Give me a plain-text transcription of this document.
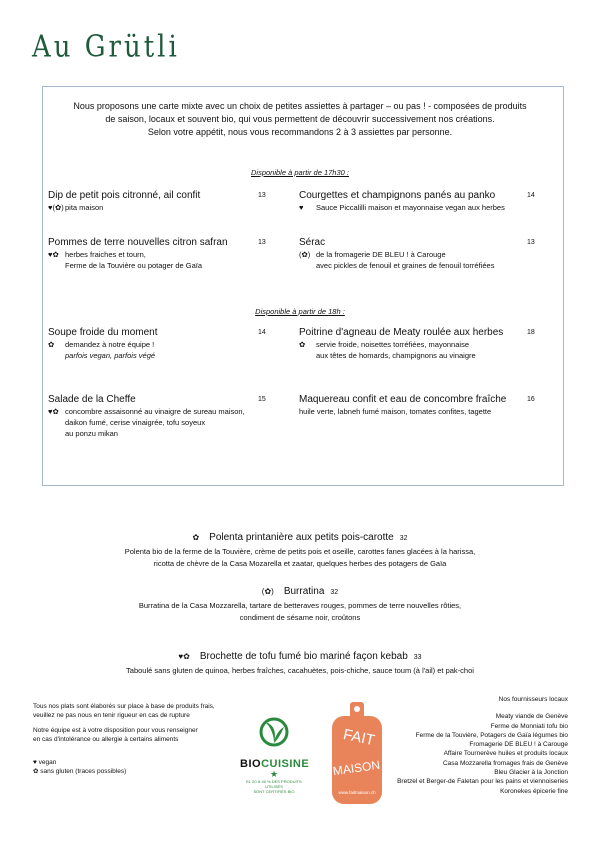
Au Grütli
Nous proposons une carte mixte avec un choix de petites assiettes à partager – ou pas ! - composées de produits
de saison, locaux et souvent bio, qui vous permettent de découvrir successivement nos créations.
Selon votre appétit, nous vous recommandons 2 à 3 assiettes par personne.
Disponible à partir de 17h30 :
Disponible à partir de 18h :
Dip de petit pois citronné, ail confit	13
♥(✿) pita maison
Courgettes et champignons panés au panko	14
♥ Sauce Piccalilli maison et mayonnaise vegan aux herbes
Pommes de terre nouvelles citron safran	13
♥✿ herbes fraiches et tourn,
Ferme de la Touvière ou potager de Gaïa
Sérac	13
(✿) de la fromagerie DE BLEU ! à Carouge
avec pickles de fenouil et graines de fenouil torréfiées
Soupe froide du moment	14
✿ demandez à notre équipe !
parfois vegan, parfois végé
Poitrine d'agneau de Meaty roulée aux herbes	18
✿ servie froide, noisettes torréfiées, mayonnaise
aux têtes de homards, champignons au vinaigre
Salade de la Cheffe	15
♥✿ concombre assaisonné au vinaigre de sureau maison,
daikon fumé, cerise vinaigrée, tofu soyeux
au ponzu mikan
Maquereau confit et eau de concombre fraîche	16
huile verte, labneh fumé maison, tomates confites, tagette
✿ Polenta printanière aux petits pois-carotte 32
Polenta bio de la ferme de la Touvière, crème de petits pois et oseille, carottes fanes glacées à la harissa,
ricotta de chèvre de la Casa Mozarella et zaatar, quelques herbes des potagers de Gaïa
(✿) Burratina 32
Burratina de la Casa Mozzarella, tartare de betteraves rouges, pommes de terre nouvelles rôties,
condiment de sésame noir, croûtons
♥✿ Brochette de tofu fumé bio mariné façon kebab 33
Taboulé sans gluten de quinoa, herbes fraîches, cacahuètes, pois-chiche, sauce toum (à l'ail) et pak-choi
Tous nos plats sont élaborés sur place à base de produits frais,
veuillez ne pas nous en tenir rigueur en cas de rupture
Notre équipe est à votre disposition pour vous renseigner
en cas d'intolérance ou allergie à certains aliments
♥ vegan
✿ sans gluten (traces possibles)
BIOCUISINE
★
EL 20 À 40 % DES PRODUITS UTILISÉS
SONT CERTIFIÉS BIO
FAIT
MAISON
www.faitmaison.ch
Nos fournisseurs locaux
Meaty viande de Genève
Ferme de Monniati tofu bio
Ferme de la Touvière, Potagers de Gaïa légumes bio
Fromagerie DE BLEU ! à Carouge
Affaire Tournerève huiles et produits locaux
Casa Mozzarella fromages frais de Genève
Bleu Glacier à la Jonction
Bretzel et Berger-de Faletan pour les pains et viennoiseries
Koronekes épicerie fine
